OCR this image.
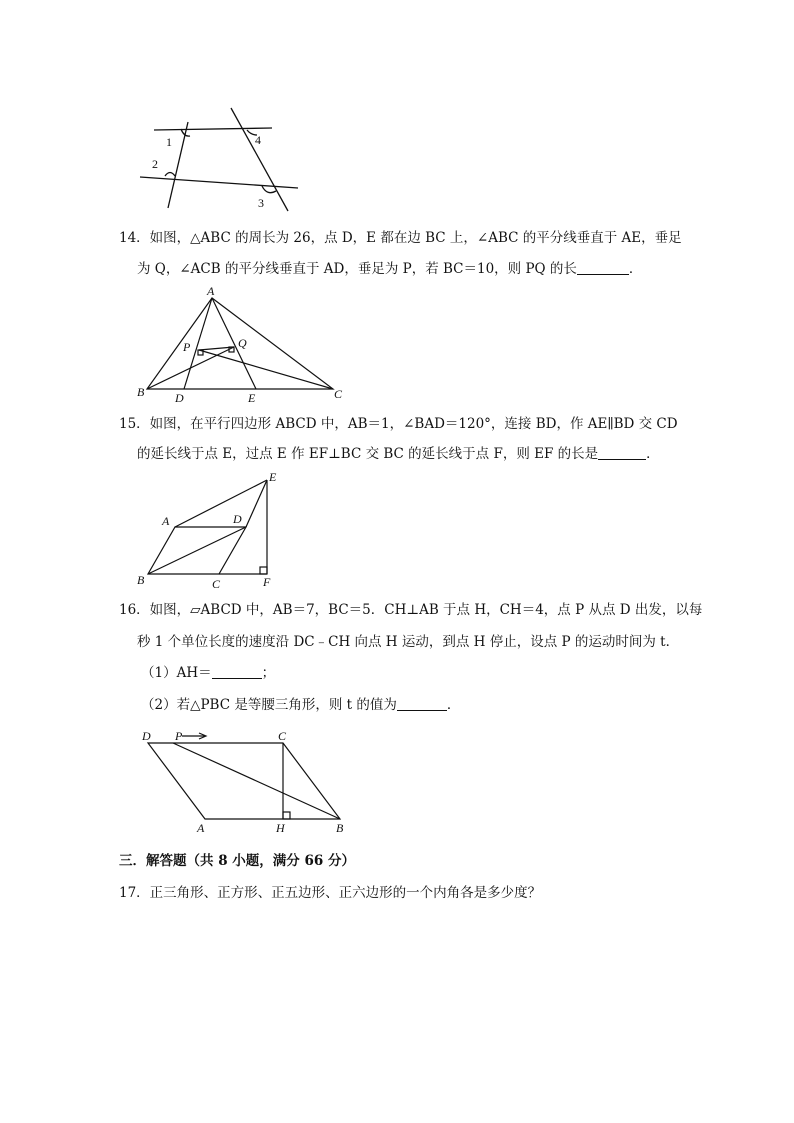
1
2
3
4
14．如图，△ABC 的周长为 26，点 D，E 都在边 BC 上，∠ABC 的平分线垂直于 AE，垂足
为 Q，∠ACB 的平分线垂直于 AD，垂足为 P，若 BC＝10，则 PQ 的长	．
A
P	Q
B	D	E	C
15．如图，在平行四边形 ABCD 中，AB＝1，∠BAD＝120°，连接 BD，作 AE∥BD 交 CD
的延长线于点 E，过点 E 作 EF⊥BC 交 BC 的延长线于点 F，则 EF 的长是	．
E
A	D
B	C	F
16．如图，▱ABCD 中，AB＝7，BC＝5．CH⊥AB 于点 H，CH＝4，点 P 从点 D 出发，以每
秒 1 个单位长度的速度沿 DC﹣CH 向点 H 运动，到点 H 停止，设点 P 的运动时间为 t．
（1）AH＝	；
（2）若△PBC 是等腰三角形，则 t 的值为	．
D P	C
A	H	B
三．解答题（共 8 小题，满分 66 分）
17．正三角形、正方形、正五边形、正六边形的一个内角各是多少度？
